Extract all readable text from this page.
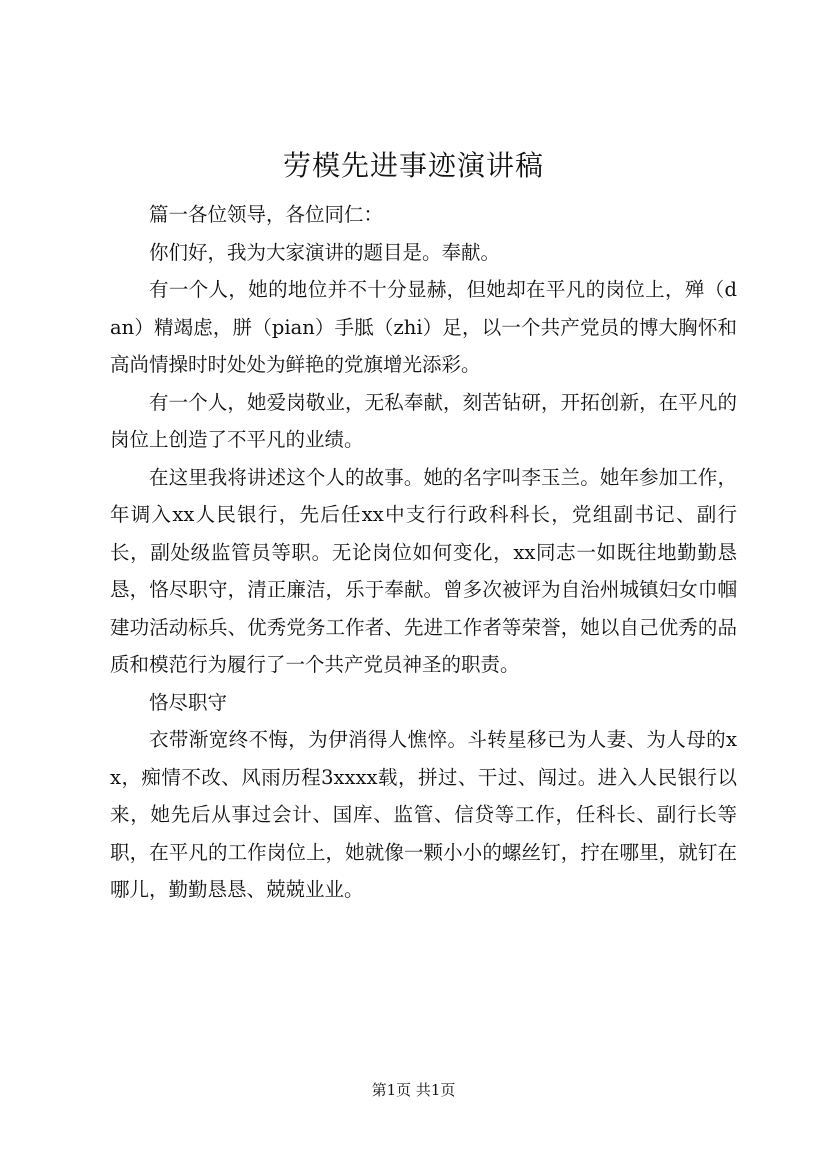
劳模先进事迹演讲稿

篇一各位领导，各位同仁：

你们好，我为大家演讲的题目是。奉献。

有一个人，她的地位并不十分显赫，但她却在平凡的岗位上，殚（dan）精竭虑，胼（pian）手胝（zhi）足，以一个共产党员的博大胸怀和高尚情操时时处处为鲜艳的党旗增光添彩。

有一个人，她爱岗敬业，无私奉献，刻苦钻研，开拓创新，在平凡的岗位上创造了不平凡的业绩。

在这里我将讲述这个人的故事。她的名字叫李玉兰。她年参加工作，年调入xx人民银行，先后任xx中支行行政科科长，党组副书记、副行长，副处级监管员等职。无论岗位如何变化，xx同志一如既往地勤勤恳恳，恪尽职守，清正廉洁，乐于奉献。曾多次被评为自治州城镇妇女巾帼建功活动标兵、优秀党务工作者、先进工作者等荣誉，她以自己优秀的品质和模范行为履行了一个共产党员神圣的职责。

恪尽职守

衣带渐宽终不悔，为伊消得人憔悴。斗转星移已为人妻、为人母的xx，痴情不改、风雨历程3xxxx载，拼过、干过、闯过。进入人民银行以来，她先后从事过会计、国库、监管、信贷等工作，任科长、副行长等职，在平凡的工作岗位上，她就像一颗小小的螺丝钉，拧在哪里，就钉在哪儿，勤勤恳恳、兢兢业业。

第1页 共1页
